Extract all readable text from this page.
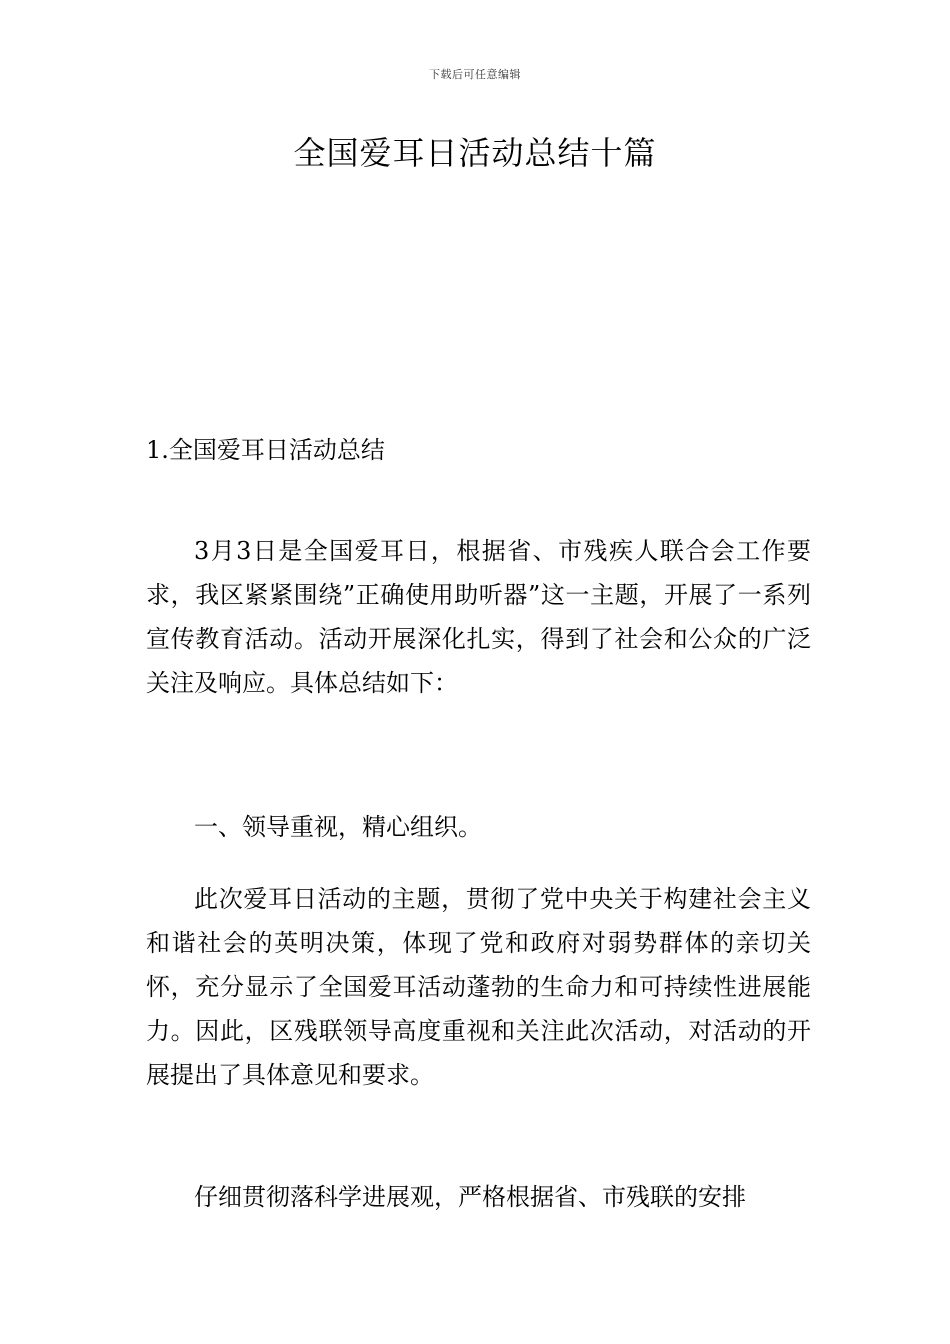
下载后可任意编辑
全国爱耳日活动总结十篇

1.全国爱耳日活动总结

3月3日是全国爱耳日，根据省、市残疾人联合会工作要求，我区紧紧围绕”正确使用助听器”这一主题，开展了一系列宣传教育活动。活动开展深化扎实，得到了社会和公众的广泛关注及响应。具体总结如下：

一、领导重视，精心组织。

此次爱耳日活动的主题，贯彻了党中央关于构建社会主义和谐社会的英明决策，体现了党和政府对弱势群体的亲切关怀，充分显示了全国爱耳活动蓬勃的生命力和可持续性进展能力。因此，区残联领导高度重视和关注此次活动，对活动的开展提出了具体意见和要求。

仔细贯彻落科学进展观，严格根据省、市残联的安排
